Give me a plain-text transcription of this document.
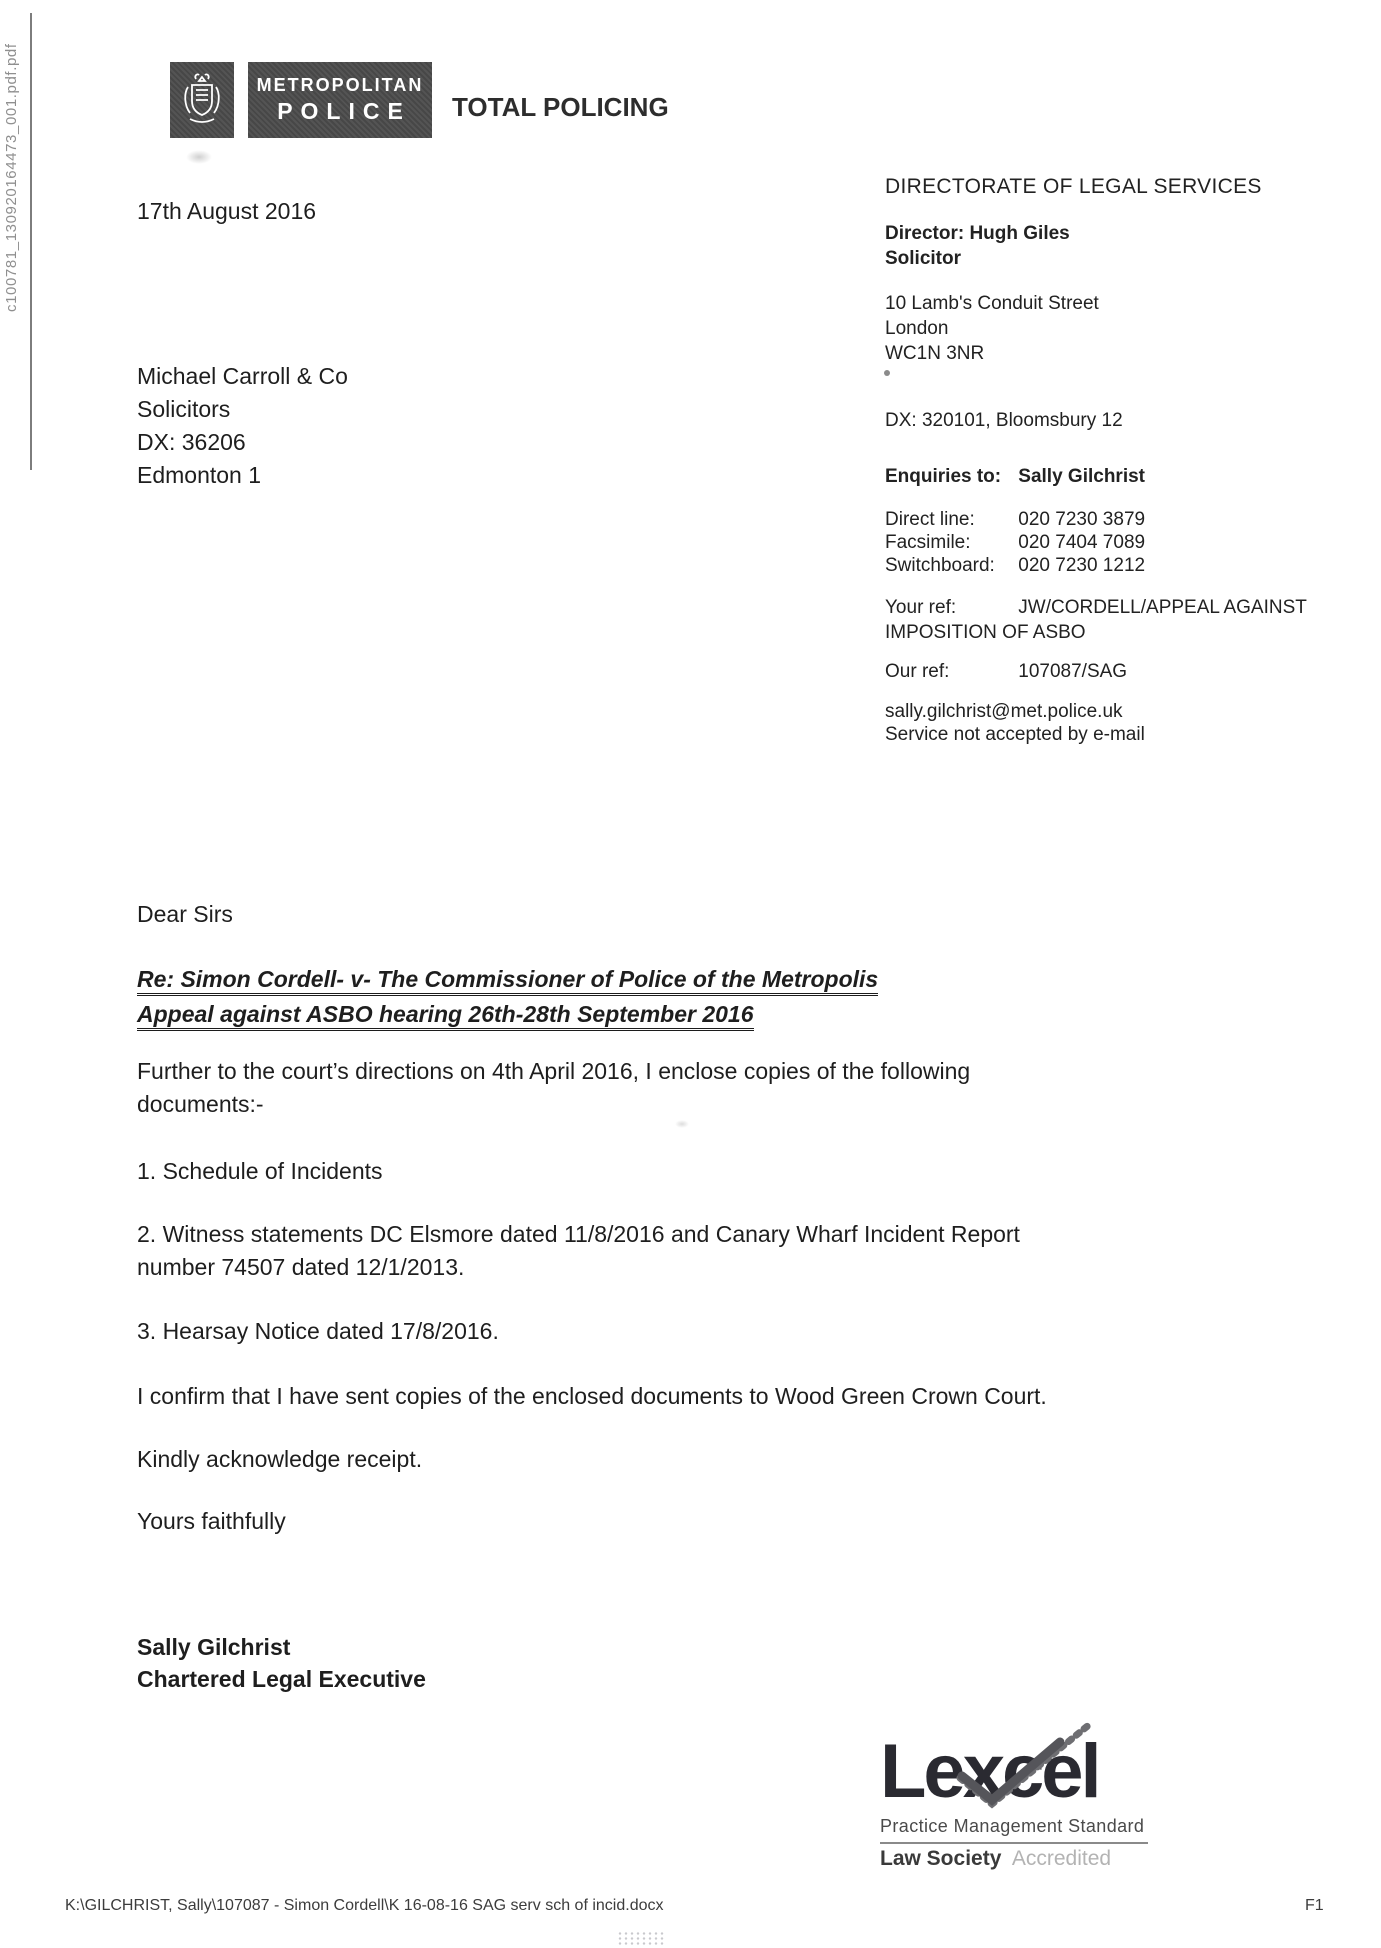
c100781_130920164473_001.pdf.pdf	METROPOLITAN
POLICE TOTAL POLICING
17th August 2016
Michael Carroll & Co
Solicitors
DX: 36206
Edmonton 1
DIRECTORATE OF LEGAL SERVICES
Director: Hugh Giles
Solicitor
10 Lamb's Conduit Street
London
WC1N 3NR
DX: 320101, Bloomsbury 12
Enquiries to: Sally Gilchrist
Direct line: 020 7230 3879
Facsimile:	020 7404 7089
Switchboard: 020 7230 1212
Your ref:	JW/CORDELL/APPEAL AGAINST
IMPOSITION OF ASBO
Our ref:	107087/SAG
sally.gilchrist@met.police.uk
Service not accepted by e-mail
Dear Sirs
Re: Simon Cordell- v- The Commissioner of Police of the Metropolis
Appeal against ASBO hearing 26th-28th September 2016
Further to the court’s directions on 4th April 2016, I enclose copies of the following
documents:-
1. Schedule of Incidents
2. Witness statements DC Elsmore dated 11/8/2016 and Canary Wharf Incident Report
number 74507 dated 12/1/2013.
3. Hearsay Notice dated 17/8/2016.
I confirm that I have sent copies of the enclosed documents to Wood Green Crown Court.
Kindly acknowledge receipt.
Yours faithfully
Sally Gilchrist
Chartered Legal Executive
Lexcel
Practice Management Standard
Law Society Accredited
K:\GILCHRIST, Sally\107087 - Simon Cordell\K 16-08-16 SAG serv sch of incid.docx	F1
